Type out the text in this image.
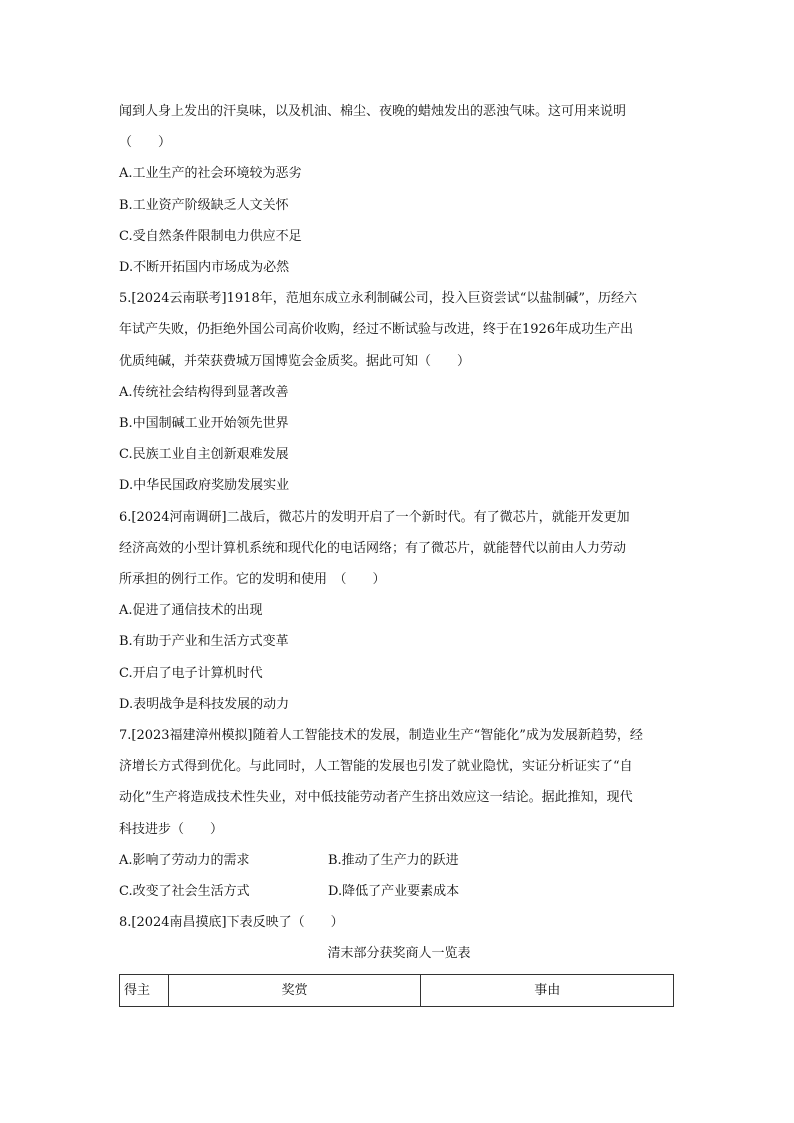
闻到人身上发出的汗臭味，以及机油、棉尘、夜晚的蜡烛发出的恶浊气味。这可用来说明

（　　）

A.工业生产的社会环境较为恶劣

B.工业资产阶级缺乏人文关怀

C.受自然条件限制电力供应不足

D.不断开拓国内市场成为必然

5.[2024云南联考]1918年，范旭东成立永利制碱公司，投入巨资尝试“以盐制碱”，历经六

年试产失败，仍拒绝外国公司高价收购，经过不断试验与改进，终于在1926年成功生产出

优质纯碱，并荣获费城万国博览会金质奖。据此可知（　　）

A.传统社会结构得到显著改善

B.中国制碱工业开始领先世界

C.民族工业自主创新艰难发展

D.中华民国政府奖励发展实业

6.[2024河南调研]二战后，微芯片的发明开启了一个新时代。有了微芯片，就能开发更加

经济高效的小型计算机系统和现代化的电话网络；有了微芯片，就能替代以前由人力劳动

所承担的例行工作。它的发明和使用　（　　）

A.促进了通信技术的出现

B.有助于产业和生活方式变革

C.开启了电子计算机时代

D.表明战争是科技发展的动力

7.[2023福建漳州模拟]随着人工智能技术的发展，制造业生产“智能化”成为发展新趋势，经

济增长方式得到优化。与此同时，人工智能的发展也引发了就业隐忧，实证分析证实了“自

动化”生产将造成技术性失业，对中低技能劳动者产生挤出效应这一结论。据此推知，现代

科技进步（　　）

A.影响了劳动力的需求	B.推动了生产力的跃进
C.改变了社会生活方式	D.降低了产业要素成本

8.[2024南昌摸底]下表反映了（　　）

清末部分获奖商人一览表

得主	奖赏	事由
